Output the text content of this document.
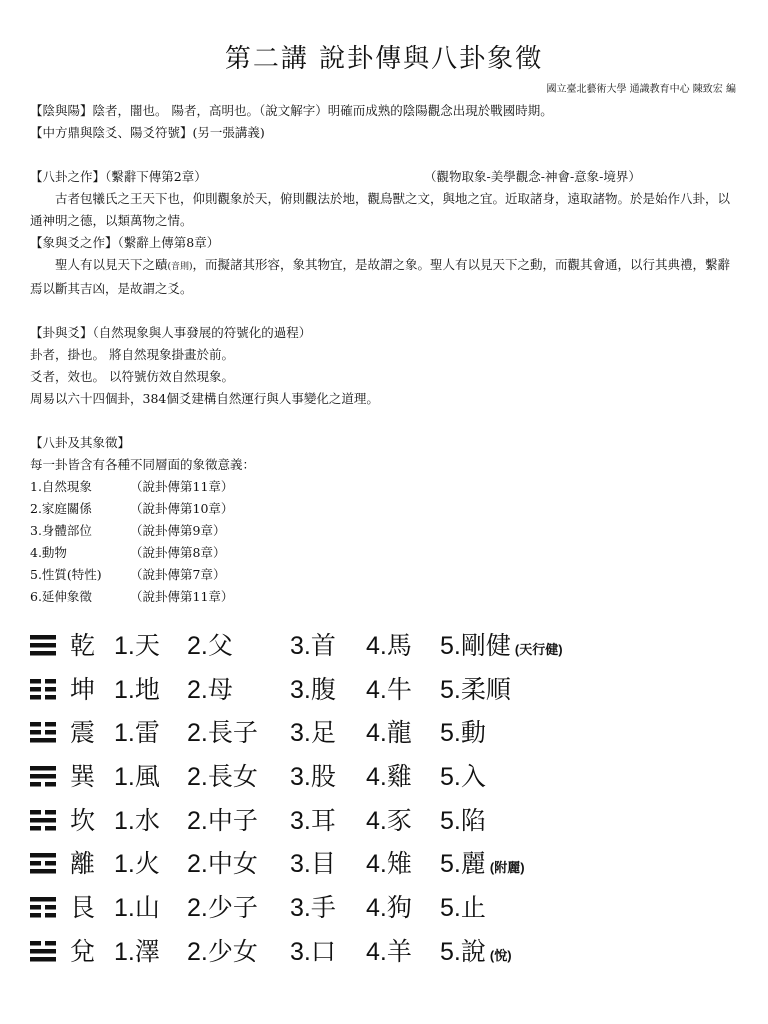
第二講 說卦傳與八卦象徵
國立臺北藝術大學 通識教育中心 陳致宏 編
【陰與陽】陰者，闇也。 陽者，高明也。（說文解字）明確而成熟的陰陽觀念出現於戰國時期。
【中方鼎與陰爻、陽爻符號】(另一張講義)
【八卦之作】（繫辭下傳第2章）	（觀物取象-美學觀念-神會-意象-境界）
古者包犧氏之王天下也，仰則觀象於天，俯則觀法於地，觀鳥獸之文，與地之宜。近取諸身，遠取諸物。於是始作八卦，以通神明之德，以類萬物之情。
【象與爻之作】（繫辭上傳第8章）
聖人有以見天下之賾(音則)，而擬諸其形容，象其物宜，是故謂之象。聖人有以見天下之動，而觀其會通，以行其典禮，繫辭焉以斷其吉凶，是故謂之爻。
【卦與爻】（自然現象與人事發展的符號化的過程）
卦者，掛也。 將自然現象掛畫於前。
爻者，效也。 以符號仿效自然現象。
周易以六十四個卦，384個爻建構自然運行與人事變化之道理。
【八卦及其象徵】
每一卦皆含有各種不同層面的象徵意義：
1.自然現象	（說卦傳第11章）
2.家庭關係	（說卦傳第10章）
3.身體部位	（說卦傳第9章）
4.動物	（說卦傳第8章）
5.性質(特性) （說卦傳第7章）
6.延伸象徵	（說卦傳第11章）
乾 1.天 2.父 3.首 4.馬 5.剛健 (天行健)
坤 1.地 2.母 3.腹 4.牛 5.柔順
震 1.雷 2.長子 3.足 4.龍 5.動
巽 1.風 2.長女 3.股 4.雞 5.入
坎 1.水 2.中子 3.耳 4.豕 5.陷
離 1.火 2.中女 3.目 4.雉 5.麗 (附麗)
艮 1.山 2.少子 3.手 4.狗 5.止
兌 1.澤 2.少女 3.口 4.羊 5.說 (悅)
